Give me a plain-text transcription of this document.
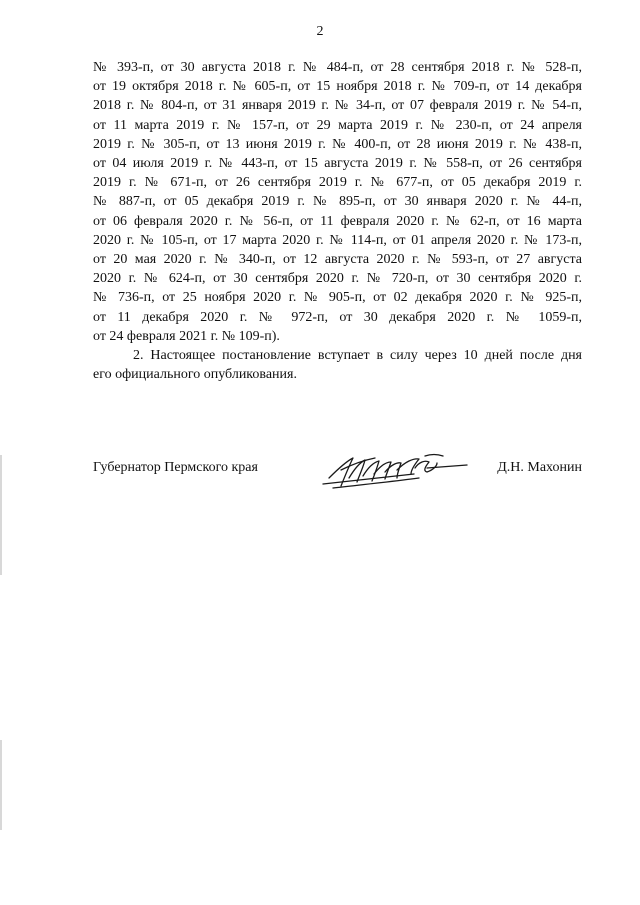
2
№ 393-п, от 30 августа 2018 г. № 484-п, от 28 сентября 2018 г. № 528-п,
от 19 октября 2018 г. № 605-п, от 15 ноября 2018 г. № 709-п, от 14 декабря
2018 г. № 804-п, от 31 января 2019 г. № 34-п, от 07 февраля 2019 г. № 54-п,
от 11 марта 2019 г. № 157-п, от 29 марта 2019 г. № 230-п, от 24 апреля
2019 г. № 305-п, от 13 июня 2019 г. № 400-п, от 28 июня 2019 г. № 438-п,
от 04 июля 2019 г. № 443-п, от 15 августа 2019 г. № 558-п, от 26 сентября
2019 г. № 671-п, от 26 сентября 2019 г. № 677-п, от 05 декабря 2019 г.
№ 887-п, от 05 декабря 2019 г. № 895-п, от 30 января 2020 г. № 44-п,
от 06 февраля 2020 г. № 56-п, от 11 февраля 2020 г. № 62-п, от 16 марта
2020 г. № 105-п, от 17 марта 2020 г. № 114-п, от 01 апреля 2020 г. № 173-п,
от 20 мая 2020 г. № 340-п, от 12 августа 2020 г. № 593-п, от 27 августа
2020 г. № 624-п, от 30 сентября 2020 г. № 720-п, от 30 сентября 2020 г.
№ 736-п, от 25 ноября 2020 г. № 905-п, от 02 декабря 2020 г. № 925-п,
от 11 декабря 2020 г. № 972-п, от 30 декабря 2020 г. № 1059-п,
от 24 февраля 2021 г. № 109-п).
2. Настоящее постановление вступает в силу через 10 дней после дня
его официального опубликования.
Губернатор Пермского края	Д.Н. Махонин
